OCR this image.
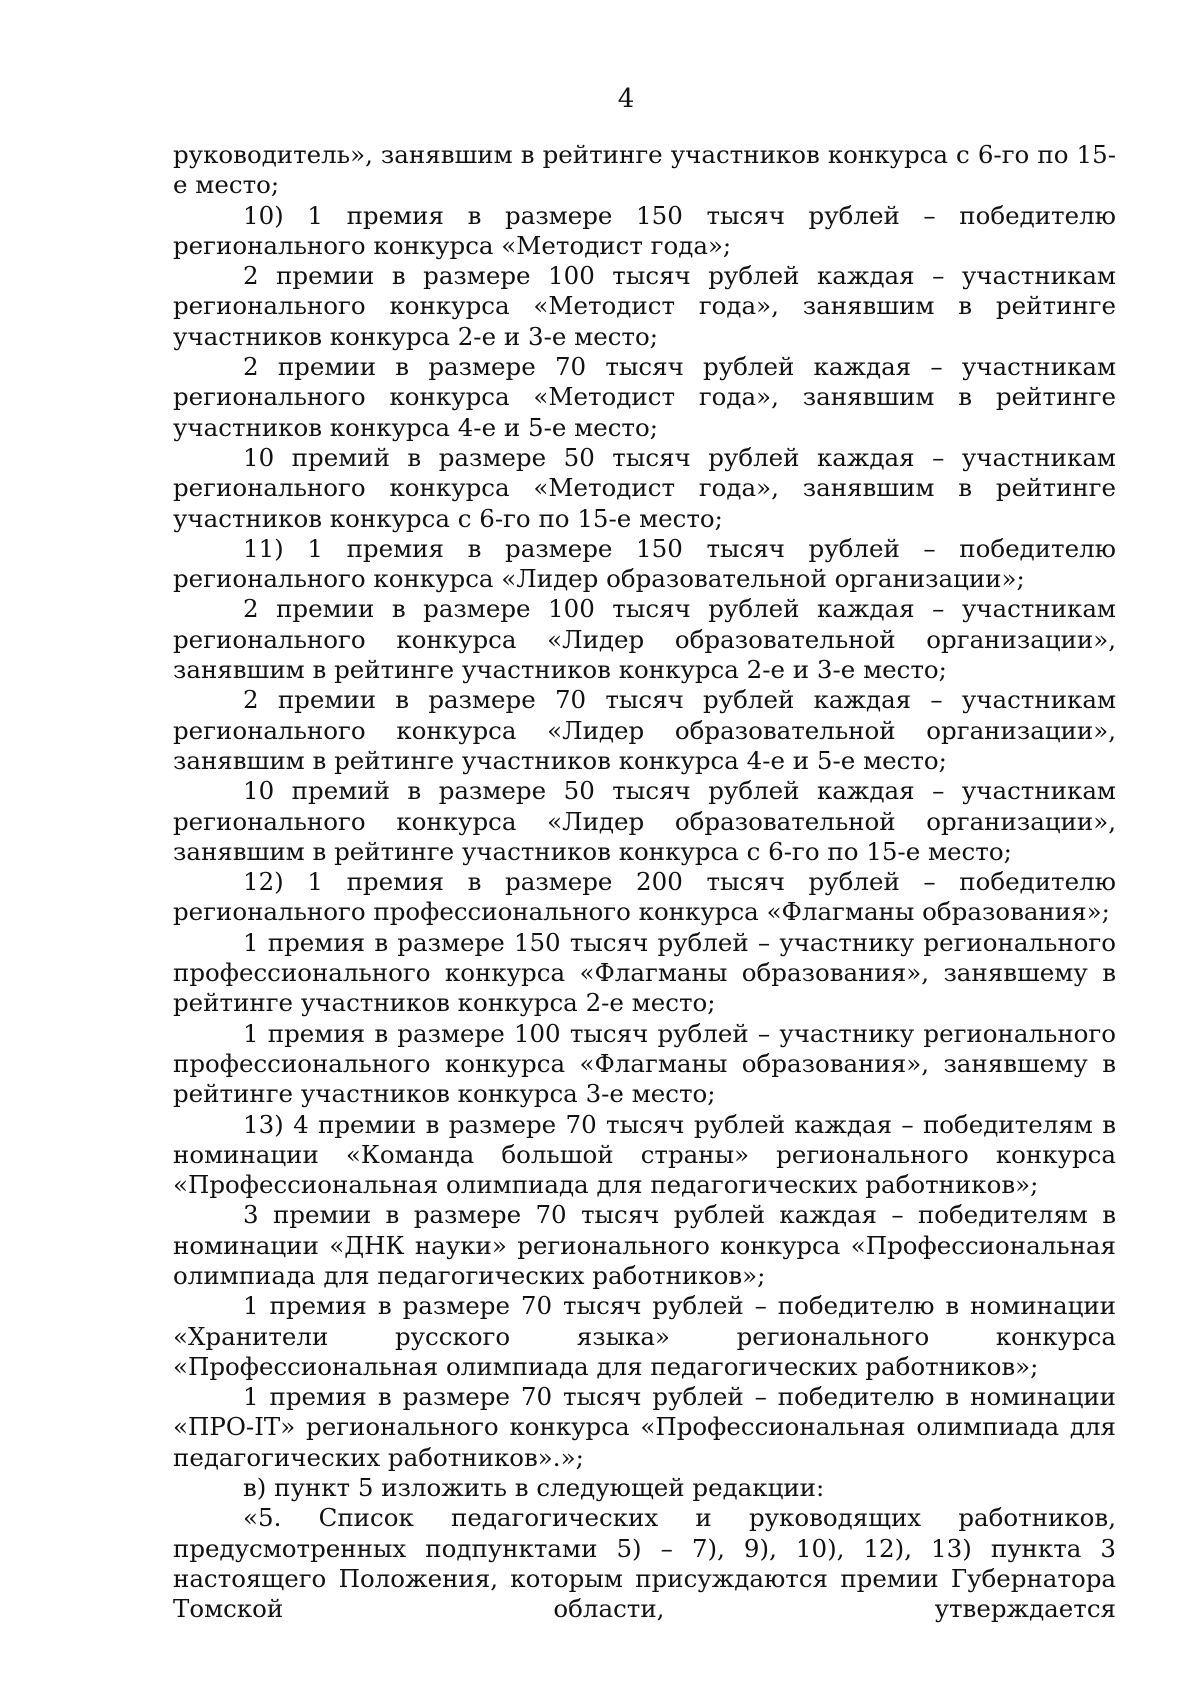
4

руководитель», занявшим в рейтинге участников конкурса с 6-го по 15-е место;

10) 1 премия в размере 150 тысяч рублей – победителю регионального конкурса «Методист года»;

2 премии в размере 100 тысяч рублей каждая – участникам регионального конкурса «Методист года», занявшим в рейтинге участников конкурса 2-е и 3-е место;

2 премии в размере 70 тысяч рублей каждая – участникам регионального конкурса «Методист года», занявшим в рейтинге участников конкурса 4-е и 5-е место;

10 премий в размере 50 тысяч рублей каждая – участникам регионального конкурса «Методист года», занявшим в рейтинге участников конкурса с 6-го по 15-е место;

11) 1 премия в размере 150 тысяч рублей – победителю регионального конкурса «Лидер образовательной организации»;

2 премии в размере 100 тысяч рублей каждая – участникам регионального конкурса «Лидер образовательной организации», занявшим в рейтинге участников конкурса 2-е и 3-е место;

2 премии в размере 70 тысяч рублей каждая – участникам регионального конкурса «Лидер образовательной организации», занявшим в рейтинге участников конкурса 4-е и 5-е место;

10 премий в размере 50 тысяч рублей каждая – участникам регионального конкурса «Лидер образовательной организации», занявшим в рейтинге участников конкурса с 6-го по 15-е место;

12) 1 премия в размере 200 тысяч рублей – победителю регионального профессионального конкурса «Флагманы образования»;

1 премия в размере 150 тысяч рублей – участнику регионального профессионального конкурса «Флагманы образования», занявшему в рейтинге участников конкурса 2-е место;

1 премия в размере 100 тысяч рублей – участнику регионального профессионального конкурса «Флагманы образования», занявшему в рейтинге участников конкурса 3-е место;

13) 4 премии в размере 70 тысяч рублей каждая – победителям в номинации «Команда большой страны» регионального конкурса «Профессиональная олимпиада для педагогических работников»;

3 премии в размере 70 тысяч рублей каждая – победителям в номинации «ДНК науки» регионального конкурса «Профессиональная олимпиада для педагогических работников»;

1 премия в размере 70 тысяч рублей – победителю в номинации «Хранители русского языка» регионального конкурса «Профессиональная олимпиада для педагогических работников»;

1 премия в размере 70 тысяч рублей – победителю в номинации «ПРО-IT» регионального конкурса «Профессиональная олимпиада для педагогических работников».»;

в) пункт 5 изложить в следующей редакции:

«5. Список педагогических и руководящих работников, предусмотренных подпунктами 5) – 7), 9), 10), 12), 13) пункта 3 настоящего Положения, которым присуждаются премии Губернатора Томской области, утверждается
